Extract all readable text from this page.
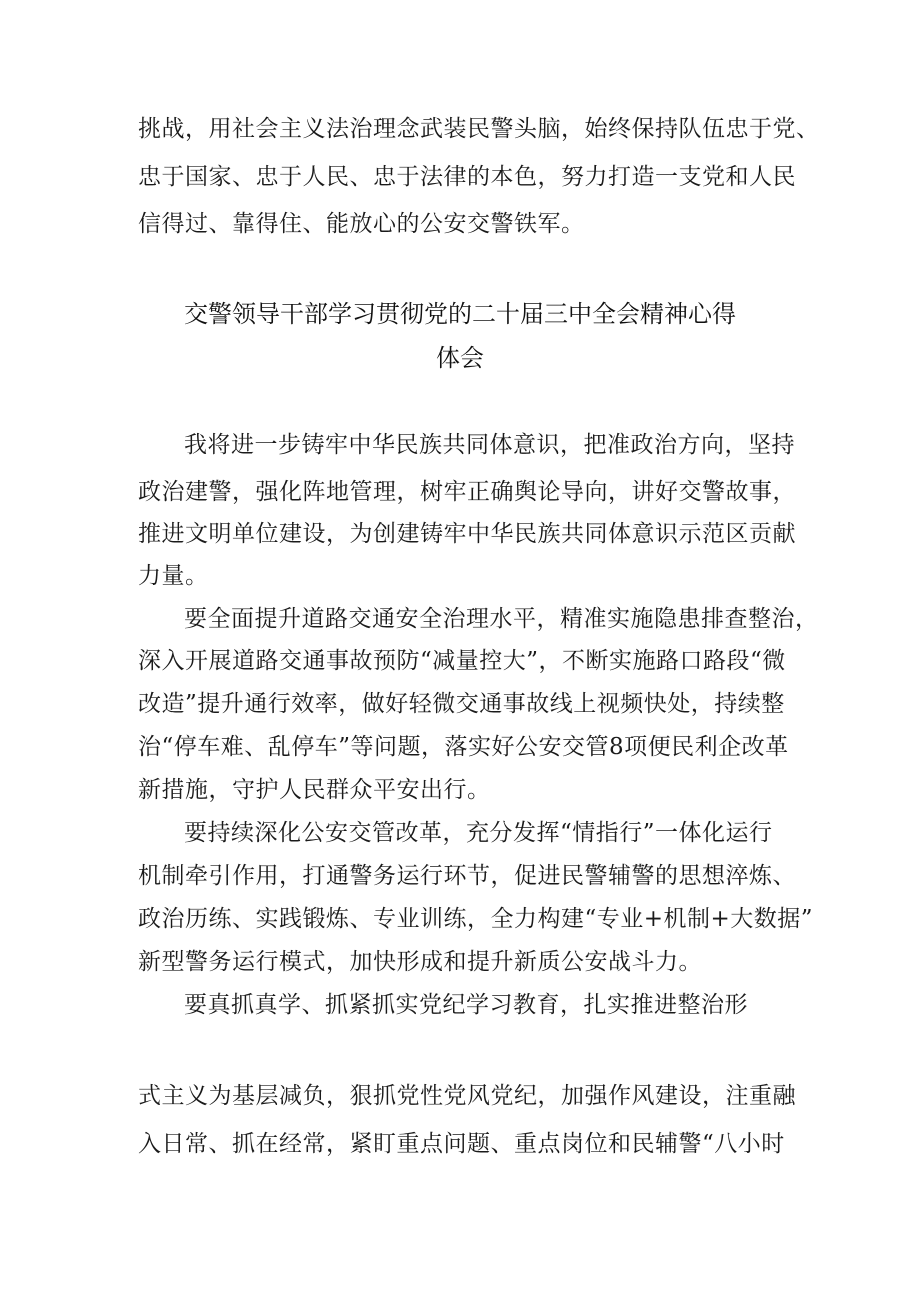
挑战，用社会主义法治理念武装民警头脑，始终保持队伍忠于党、
忠于国家、忠于人民、忠于法律的本色，努力打造一支党和人民
信得过、靠得住、能放心的公安交警铁军。
交警领导干部学习贯彻党的二十届三中全会精神心得
体会
我将进一步铸牢中华民族共同体意识，把准政治方向，坚持
政治建警，强化阵地管理，树牢正确舆论导向，讲好交警故事，
推进文明单位建设，为创建铸牢中华民族共同体意识示范区贡献
力量。
要全面提升道路交通安全治理水平，精准实施隐患排查整治，
深入开展道路交通事故预防“减量控大”，不断实施路口路段“微
改造”提升通行效率，做好轻微交通事故线上视频快处，持续整
治“停车难、乱停车”等问题，落实好公安交管8项便民利企改革
新措施，守护人民群众平安出行。
要持续深化公安交管改革，充分发挥“情指行”一体化运行
机制牵引作用，打通警务运行环节，促进民警辅警的思想淬炼、
政治历练、实践锻炼、专业训练，全力构建“专业+机制+大数据”
新型警务运行模式，加快形成和提升新质公安战斗力。
要真抓真学、抓紧抓实党纪学习教育，扎实推进整治形
式主义为基层减负，狠抓党性党风党纪，加强作风建设，注重融
入日常、抓在经常，紧盯重点问题、重点岗位和民辅警“八小时
